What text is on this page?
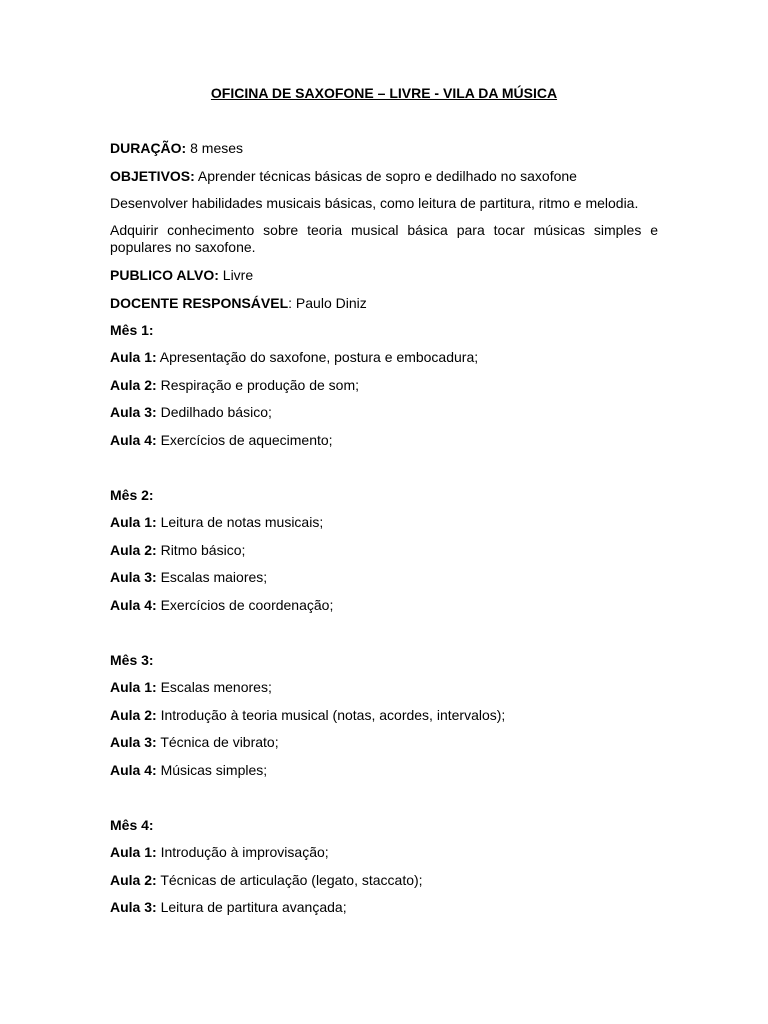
OFICINA DE SAXOFONE – LIVRE - VILA DA MÚSICA
DURAÇÃO: 8 meses
OBJETIVOS: Aprender técnicas básicas de sopro e dedilhado no saxofone
Desenvolver habilidades musicais básicas, como leitura de partitura, ritmo e melodia.
Adquirir conhecimento sobre teoria musical básica para tocar músicas simples e
populares no saxofone.
PUBLICO ALVO: Livre
DOCENTE RESPONSÁVEL: Paulo Diniz
Mês 1:
Aula 1: Apresentação do saxofone, postura e embocadura;
Aula 2: Respiração e produção de som;
Aula 3: Dedilhado básico;
Aula 4: Exercícios de aquecimento;
Mês 2:
Aula 1: Leitura de notas musicais;
Aula 2: Ritmo básico;
Aula 3: Escalas maiores;
Aula 4: Exercícios de coordenação;
Mês 3:
Aula 1: Escalas menores;
Aula 2: Introdução à teoria musical (notas, acordes, intervalos);
Aula 3: Técnica de vibrato;
Aula 4: Músicas simples;
Mês 4:
Aula 1: Introdução à improvisação;
Aula 2: Técnicas de articulação (legato, staccato);
Aula 3: Leitura de partitura avançada;
